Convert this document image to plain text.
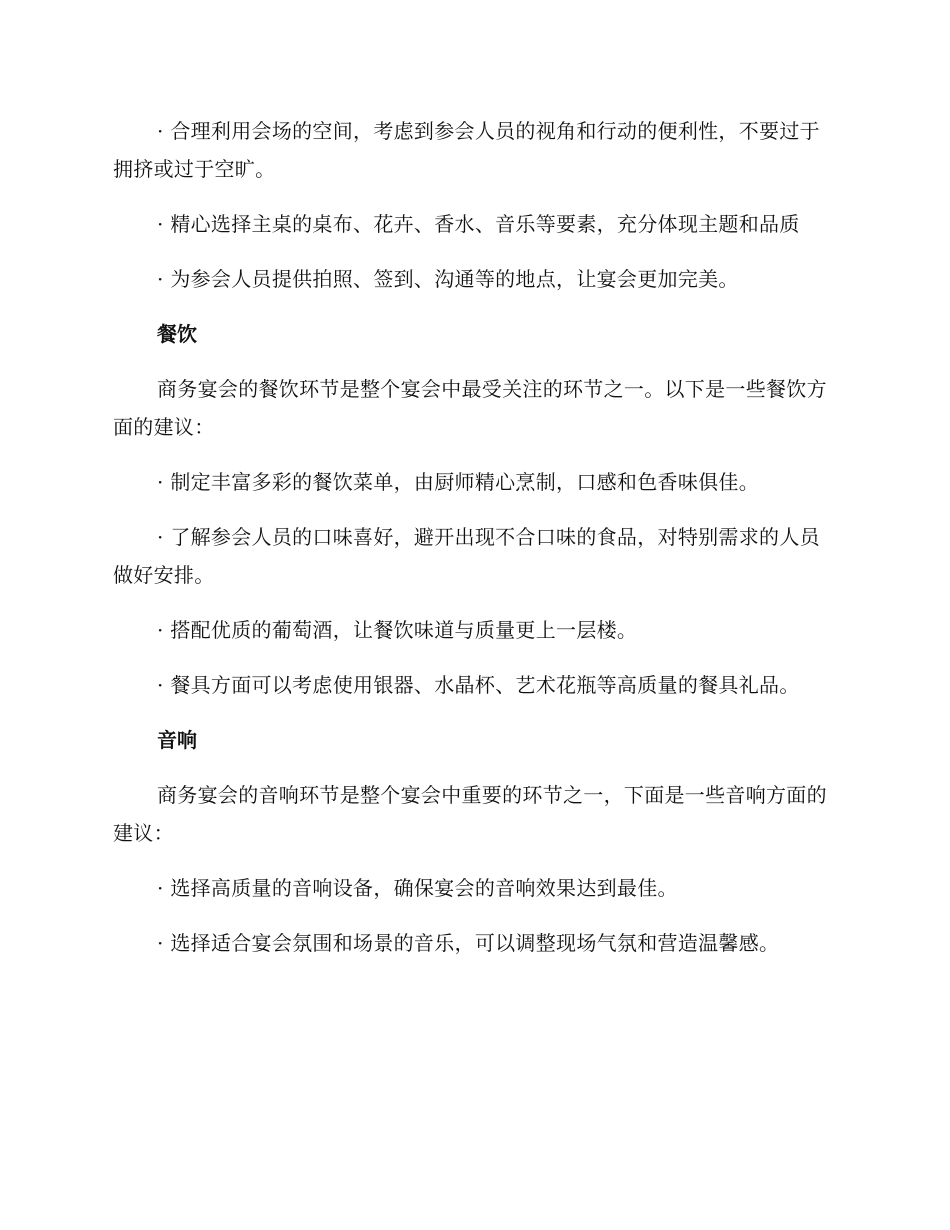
· 合理利用会场的空间，考虑到参会人员的视角和行动的便利性，不要过于拥挤或过于空旷。

· 精心选择主桌的桌布、花卉、香水、音乐等要素，充分体现主题和品质

· 为参会人员提供拍照、签到、沟通等的地点，让宴会更加完美。

餐饮

商务宴会的餐饮环节是整个宴会中最受关注的环节之一。以下是一些餐饮方面的建议：

· 制定丰富多彩的餐饮菜单，由厨师精心烹制，口感和色香味俱佳。

· 了解参会人员的口味喜好，避开出现不合口味的食品，对特别需求的人员做好安排。

· 搭配优质的葡萄酒，让餐饮味道与质量更上一层楼。

· 餐具方面可以考虑使用银器、水晶杯、艺术花瓶等高质量的餐具礼品。

音响

商务宴会的音响环节是整个宴会中重要的环节之一，下面是一些音响方面的建议：

· 选择高质量的音响设备，确保宴会的音响效果达到最佳。

· 选择适合宴会氛围和场景的音乐，可以调整现场气氛和营造温馨感。
